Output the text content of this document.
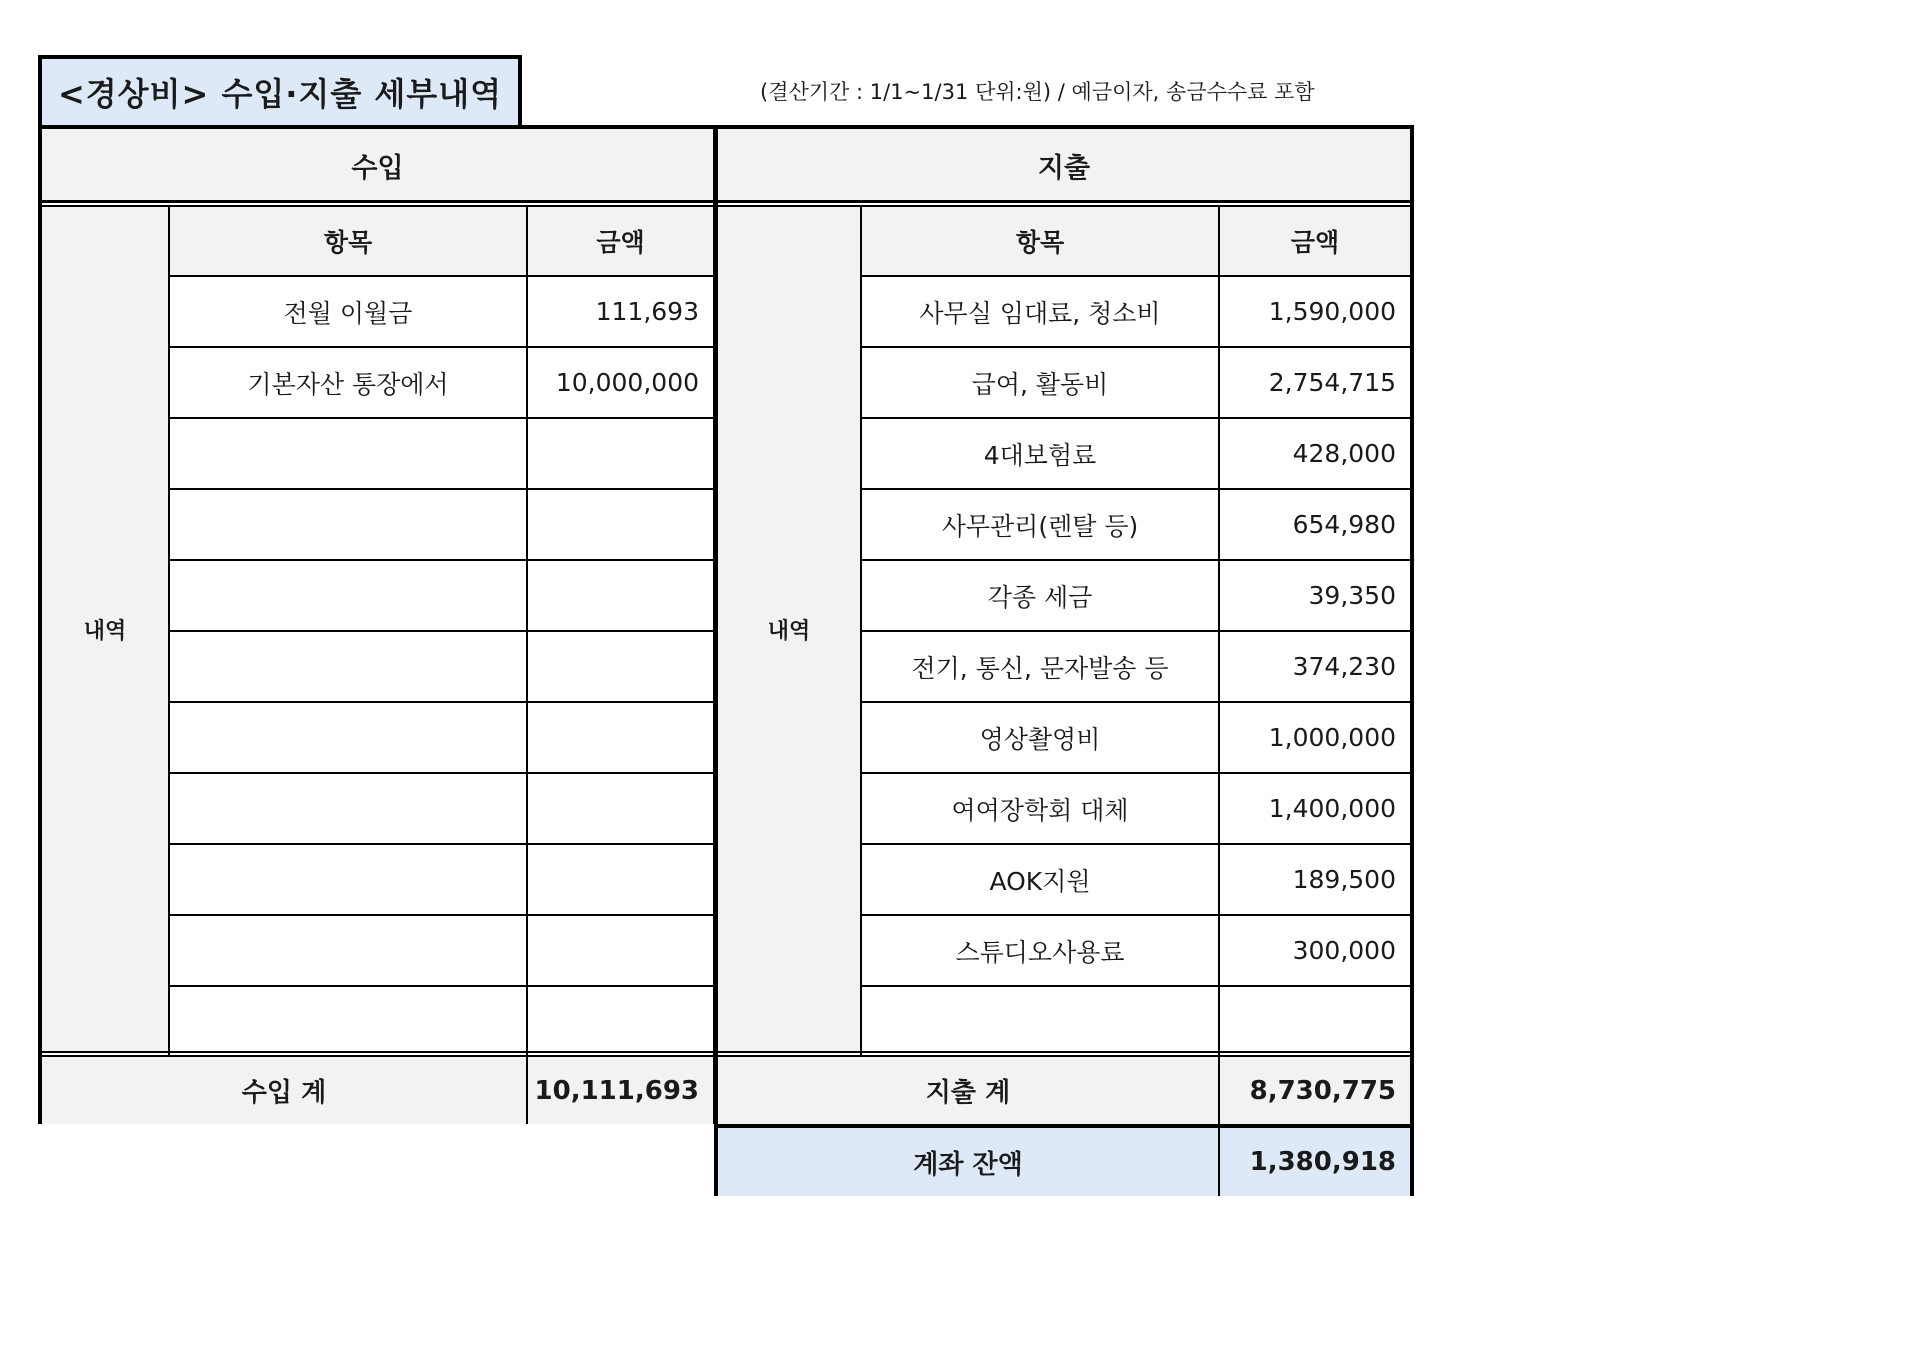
<경상비> 수입·지출 세부내역	(결산기간 : 1/1~1/31 단위:원) / 예금이자, 송금수수료 포함
수입
내역
항목	금액
전월 이월금	111,693
기본자산 통장에서	10,000,000
수입 계	10,111,693
지출
내역
항목	금액
사무실 임대료, 청소비	1,590,000
급여, 활동비	2,754,715
4대보험료	428,000
사무관리(렌탈 등)	654,980
각종 세금	39,350
전기, 통신, 문자발송 등	374,230
영상촬영비	1,000,000
여여장학회 대체	1,400,000
AOK지원	189,500
스튜디오사용료	300,000
지출 계	8,730,775
계좌 잔액	1,380,918
